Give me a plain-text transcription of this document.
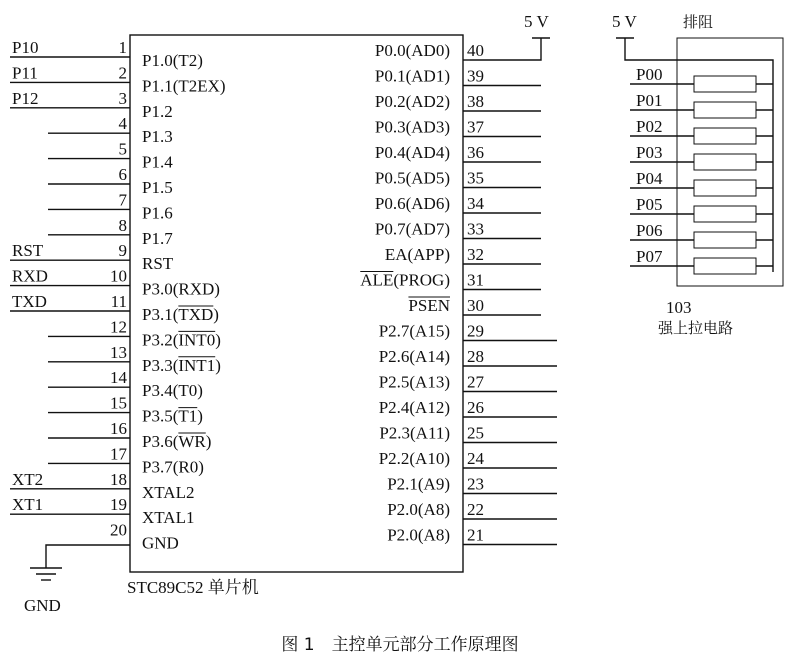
STC89C52 单片机
1
P1.0(T2)
P10
2
P1.1(T2EX)
P11
3
P1.2
P12
4
P1.3
5
P1.4
6
P1.5
7
P1.6
8
P1.7
9
RST
RST
10
P3.0(RXD)
RXD
11
P3.1(TXD)
TXD
12
P3.2(INT0)
13
P3.3(INT1)
14
P3.4(T0)
15
P3.5(T1)
16
P3.6(WR)
17
P3.7(R0)
18
XTAL2
XT2
19
XTAL1
XT1
20
GND
40
P0.0(AD0)
39
P0.1(AD1)
38
P0.2(AD2)
37
P0.3(AD3)
36
P0.4(AD4)
35
P0.5(AD5)
34
P0.6(AD6)
33
P0.7(AD7)
32
EA(APP)
31
ALE(PROG)
30
PSEN
29
P2.7(A15)
28
P2.6(A14)
27
P2.5(A13)
26
P2.4(A12)
25
P2.3(A11)
24
P2.2(A10)
23
P2.1(A9)
22
P2.0(A8)
21
P2.0(A8)
5 V
GND
5 V	排阻
P00
P01
P02
P03
P04
P05
P06
P07
103
强上拉电路
图 1　主控单元部分工作原理图
